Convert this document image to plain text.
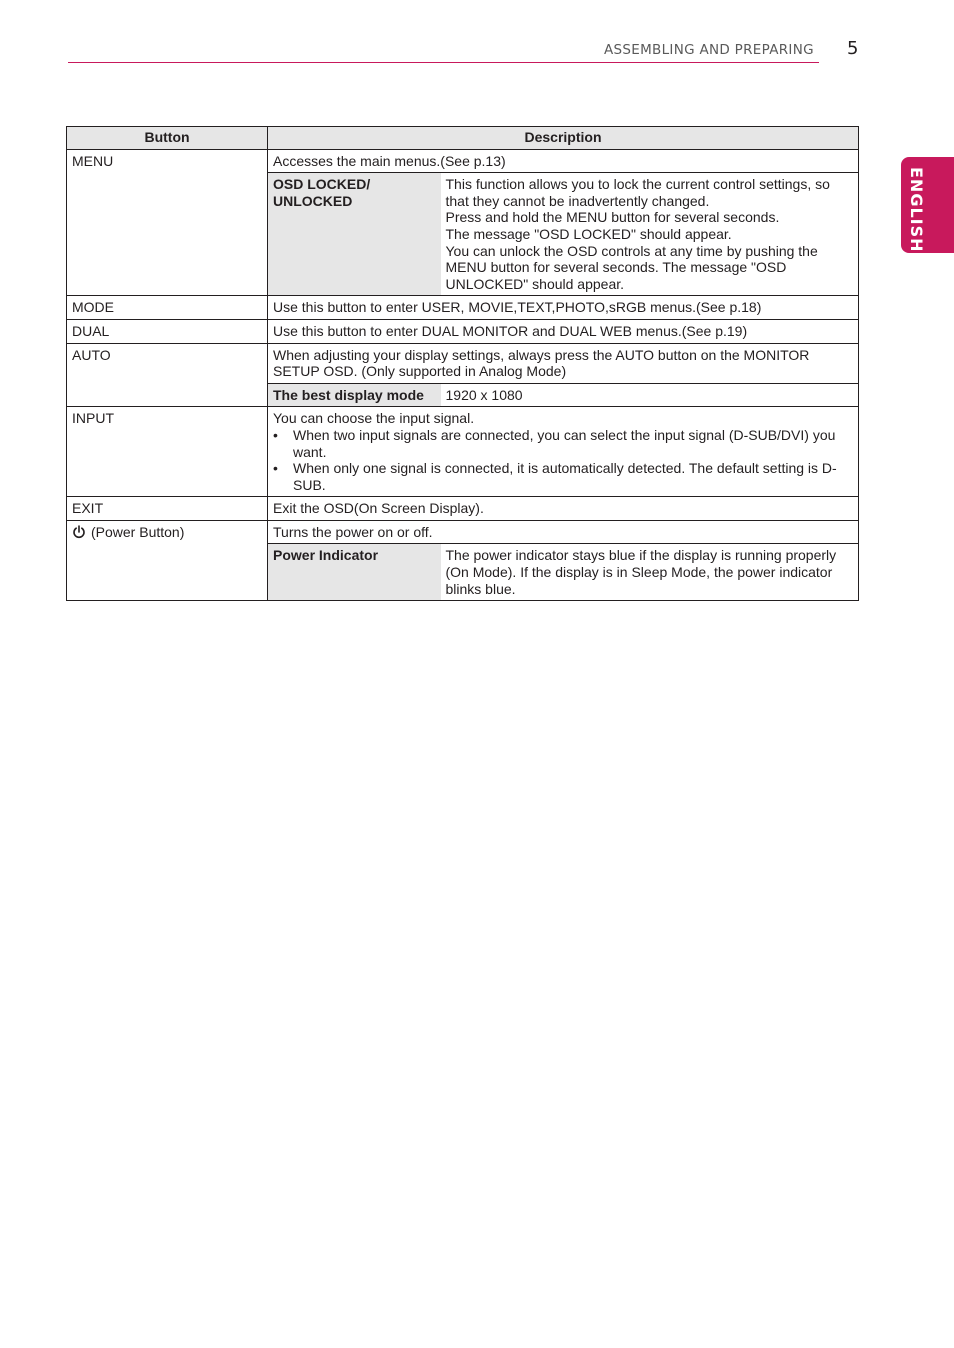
ASSEMBLING AND PREPARING 5
ENGLISH
Button	Description	
MENU	Accesses the main menus.(See p.13)	
	OSD LOCKED/ UNLOCKED	This function allows you to lock the current control settings, so that they cannot be inadvertently changed.
Press and hold the MENU button for several seconds.
The message "OSD LOCKED" should appear.
You can unlock the OSD controls at any time by pushing the MENU button for several seconds. The message "OSD UNLOCKED" should appear.

MODE	Use this button to enter USER, MOVIE,TEXT,PHOTO,sRGB menus.(See p.18)	
DUAL	Use this button to enter DUAL MONITOR and DUAL WEB menus.(See p.19)	
AUTO	When adjusting your display settings, always press the AUTO button on the MONITOR SETUP OSD. (Only supported in Analog Mode)	
	The best display mode	1920 x 1080
INPUT	You can choose the input signal.
• When two input signals are connected, you can select the input signal (D-SUB/DVI) you want.
• When only one signal is connected, it is automatically detected. The default setting is D-SUB.	

EXIT	Exit the OSD(On Screen Display).	
(Power Button)	Turns the power on or off.	
	Power Indicator	The power indicator stays blue if the display is running properly (On Mode). If the display is in Sleep Mode, the power indicator blinks blue.
